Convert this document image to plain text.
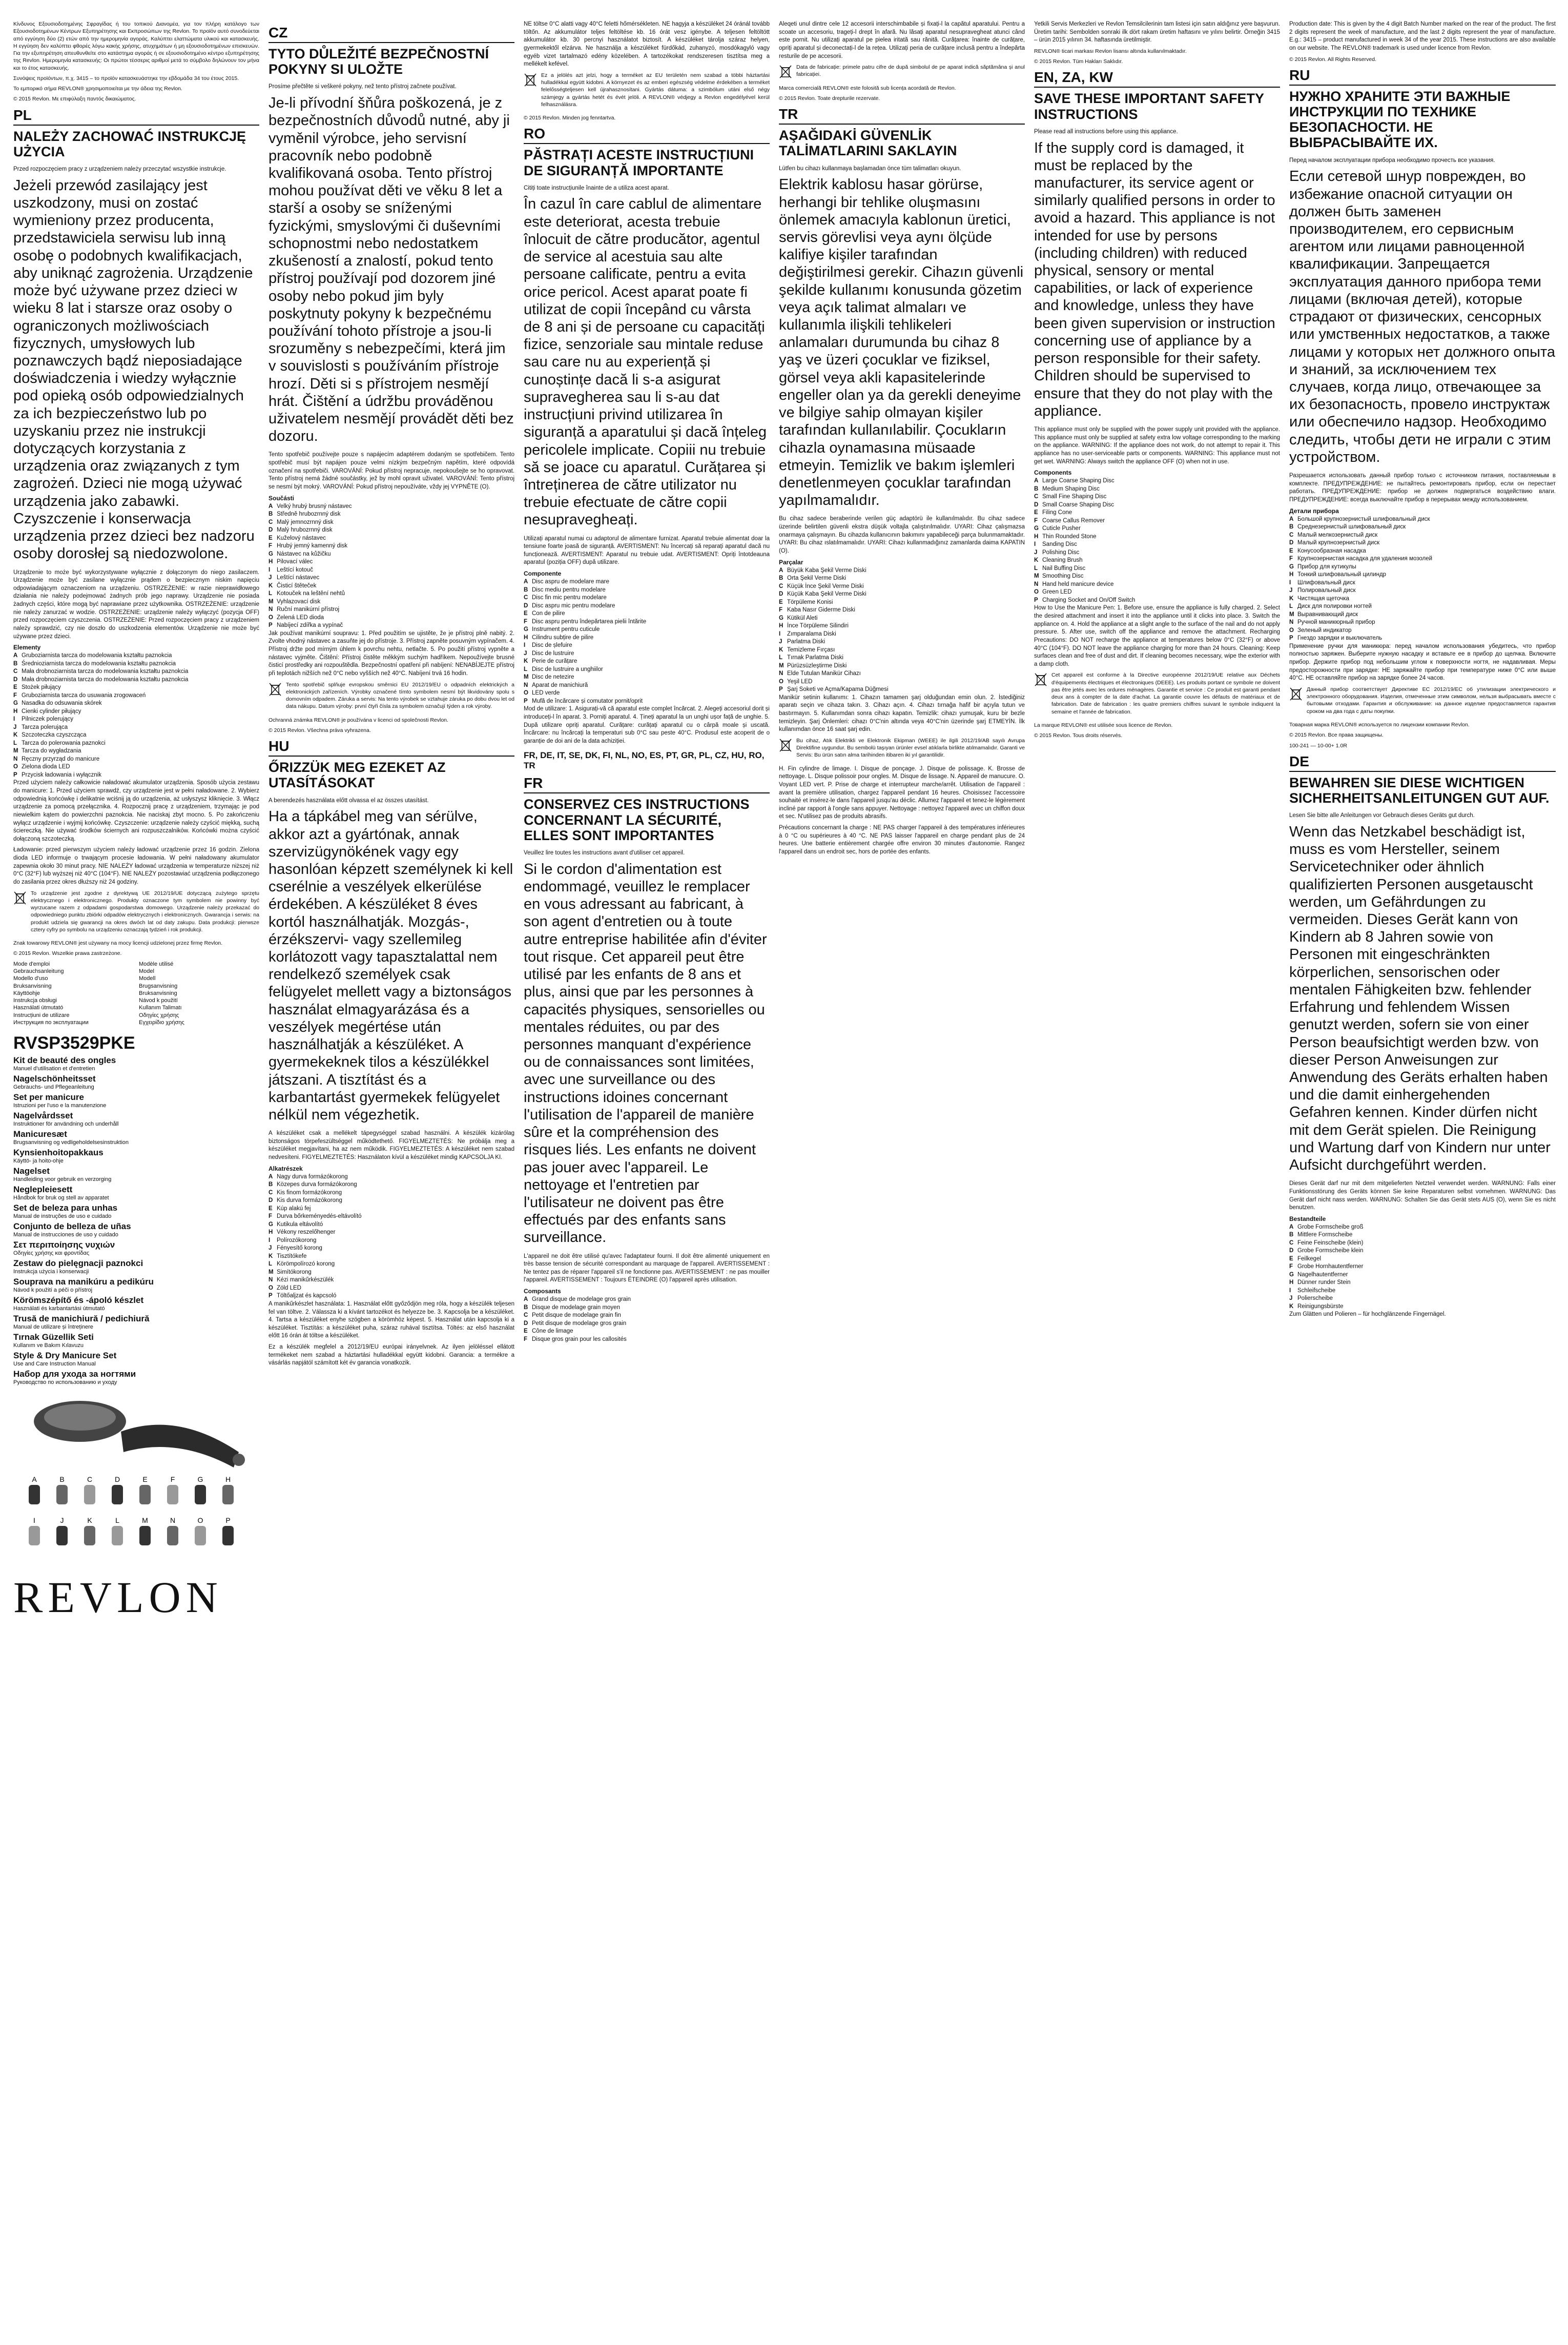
Κίνδυνος Εξουσιοδοτημένης Σφραγίδας ή του τοπικού Διανομέα, για τον πλήρη κατάλογο των Εξουσιοδοτημένων Κέντρων Εξυπηρέτησης και Εκπροσώπων της Revlon. Το προϊόν αυτό συνοδεύεται από εγγύηση δύο (2) ετών από την ημερομηνία αγοράς. Καλύπτει ελαττώματα υλικού και κατασκευής. Η εγγύηση δεν καλύπτει φθορές λόγω κακής χρήσης, ατυχημάτων ή μη εξουσιοδοτημένων επισκευών. Για την εξυπηρέτηση απευθυνθείτε στο κατάστημα αγοράς ή σε εξουσιοδοτημένο κέντρο εξυπηρέτησης της Revlon. Ημερομηνία κατασκευής: Οι πρώτοι τέσσερις αριθμοί μετά το σύμβολο δηλώνουν τον μήνα και το έτος κατασκευής.

Συνόψεις προϊόντων, π.χ. 3415 – το προϊόν κατασκευάστηκε την εβδομάδα 34 του έτους 2015.

Το εμπορικό σήμα REVLON® χρησιμοποιείται με την άδεια της Revlon.

© 2015 Revlon. Με επιφύλαξη παντός δικαιώματος.

PL
NALEŻY ZACHOWAĆ INSTRUKCJĘ UŻYCIA

Przed rozpoczęciem pracy z urządzeniem należy przeczytać wszystkie instrukcje.

Jeżeli przewód zasilający jest uszkodzony, musi on zostać wymieniony przez producenta, przedstawiciela serwisu lub inną osobę o podobnych kwalifikacjach, aby uniknąć zagrożenia. Urządzenie może być używane przez dzieci w wieku 8 lat i starsze oraz osoby o ograniczonych możliwościach fizycznych, umysłowych lub poznawczych bądź nieposiadające doświadczenia i wiedzy wyłącznie pod opieką osób odpowiedzialnych za ich bezpieczeństwo lub po uzyskaniu przez nie instrukcji dotyczących korzystania z urządzenia oraz związanych z tym zagrożeń. Dzieci nie mogą używać urządzenia jako zabawki. Czyszczenie i konserwacja urządzenia przez dzieci bez nadzoru osoby dorosłej są niedozwolone.

Urządzenie to może być wykorzystywane wyłącznie z dołączonym do niego zasilaczem. Urządzenie może być zasilane wyłącznie prądem o bezpiecznym niskim napięciu odpowiadającym oznaczeniom na urządzeniu. OSTRZEŻENIE: w razie nieprawidłowego działania nie należy podejmować żadnych prób jego naprawy. Urządzenie nie posiada żadnych części, które mogą być naprawiane przez użytkownika. OSTRZEŻENIE: urządzenie nie należy zanurzać w wodzie. OSTRZEŻENIE: urządzenie należy wyłączyć (pozycja OFF) przed rozpoczęciem czyszczenia. OSTRZEŻENIE: Przed rozpoczęciem pracy z urządzeniem należy sprawdzić, czy nie doszło do uszkodzenia elementów. Urządzenie nie może być używane przez dzieci.

Elementy
A Gruboziarnista tarcza do modelowania kształtu paznokcia
B Średnioziarnista tarcza do modelowania kształtu paznokcia
C Mała drobnoziarnista tarcza do modelowania kształtu paznokcia
D Mała drobnoziarnista tarcza do modelowania kształtu paznokcia
E Stożek piłujący
F Gruboziarnista tarcza do usuwania zrogowaceń
G Nasadka do odsuwania skórek
H Cienki cylinder piłujący
I Pilniczek polerujący
J Tarcza polerująca
K Szczoteczka czyszcząca
L Tarcza do polerowania paznokci
M Tarcza do wygładzania
N Ręczny przyrząd do manicure
O Zielona dioda LED
P Przycisk ładowania i wyłącznik

Przed użyciem należy całkowicie naładować akumulator urządzenia. Sposób użycia zestawu do manicure: 1. Przed użyciem sprawdź, czy urządzenie jest w pełni naładowane. 2. Wybierz odpowiednią końcówkę i delikatnie wciśnij ją do urządzenia, aż usłyszysz kliknięcie. 3. Włącz urządzenie za pomocą przełącznika. 4. Rozpocznij pracę z urządzeniem, trzymając je pod niewielkim kątem do powierzchni paznokcia. Nie naciskaj zbyt mocno. 5. Po zakończeniu wyłącz urządzenie i wyjmij końcówkę. Czyszczenie: urządzenie należy czyścić miękką, suchą ściereczką. Nie używać środków ściernych ani rozpuszczalników. Końcówki można czyścić dołączoną szczoteczką.

Ładowanie: przed pierwszym użyciem należy ładować urządzenie przez 16 godzin. Zielona dioda LED informuje o trwającym procesie ładowania. W pełni naładowany akumulator zapewnia około 30 minut pracy. NIE NALEŻY ładować urządzenia w temperaturze niższej niż 0°C (32°F) lub wyższej niż 40°C (104°F). NIE NALEŻY pozostawiać urządzenia podłączonego do zasilania przez okres dłuższy niż 24 godziny.

To urządzenie jest zgodne z dyrektywą UE 2012/19/UE dotyczącą zużytego sprzętu elektrycznego i elektronicznego. Produkty oznaczone tym symbolem nie powinny być wyrzucane razem z odpadami gospodarstwa domowego. Urządzenie należy przekazać do odpowiedniego punktu zbiórki odpadów elektrycznych i elektronicznych. Gwarancja i serwis: na produkt udziela się gwarancji na okres dwóch lat od daty zakupu. Data produkcji: pierwsze cztery cyfry po symbolu na urządzeniu oznaczają tydzień i rok produkcji.

Znak towarowy REVLON® jest używany na mocy licencji udzielonej przez firmę Revlon.

© 2015 Revlon. Wszelkie prawa zastrzeżone.

Mode d'emploi	Modèle utilisé
Gebrauchsanleitung	Model
Modello d'uso	Modell
Bruksanvisning	Brugsanvisning
Käyttöohje	Bruksanvisning
Instrukcja obsługi	Návod k použití
Használati útmutató	Kullanım Talimatı
Instrucțiuni de utilizare	Οδηγίες χρήσης
Инструкция по эксплуатации	Εγχειρίδιο χρήσης
RVSP3529PKE
Kit de beauté des ongles
Manuel d'utilisation et d'entretien
Nagelschönheitsset
Gebrauchs- und Pflegeanleitung
Set per manicure
Istruzioni per l'uso e la manutenzione
Nagelvårdsset
Instruktioner för användning och underhåll
Manicuresæt
Brugsanvisning og vedligeholdelsesinstruktion
Kynsienhoitopakkaus
Käyttö- ja hoito-ohje
Nagelset
Handleiding voor gebruik en verzorging
Neglepleiesett
Håndbok for bruk og stell av apparatet
Set de beleza para unhas
Manual de instruções de uso e cuidado
Conjunto de belleza de uñas
Manual de instrucciones de uso y cuidado
Σετ περιποίησης νυχιών
Οδηγίες χρήσης και φροντίδας
Zestaw do pielęgnacji paznokci
Instrukcja użycia i konserwacji
Souprava na manikúru a pedikúru
Návod k použití a péči o přístroj
Körömszépítő és -ápoló készlet
Használati és karbantartási útmutató
Trusă de manichiură / pedichiură
Manual de utilizare și întreținere
Tırnak Güzellik Seti
Kullanım ve Bakım Kılavuzu
Style & Dry Manicure Set
Use and Care Instruction Manual
Набор для ухода за ногтями
Руководство по использованию и уходу
A	B	C	D	E	F	G	H
I	J	K	L	M	N	O	P
REVLON
CZ
TYTO DŮLEŽITÉ BEZPEČNOSTNÍ POKYNY SI ULOŽTE

Prosíme přečtěte si veškeré pokyny, než tento přístroj začnete používat.

Je-li přívodní šňůra poškozená, je z bezpečnostních důvodů nutné, aby ji vyměnil výrobce, jeho servisní pracovník nebo podobně kvalifikovaná osoba. Tento přístroj mohou používat děti ve věku 8 let a starší a osoby se sníženými fyzickými, smyslovými či duševními schopnostmi nebo nedostatkem zkušeností a znalostí, pokud tento přístroj používají pod dozorem jiné osoby nebo pokud jim byly poskytnuty pokyny k bezpečnému používání tohoto přístroje a jsou-li srozuměny s nebezpečími, která jim v souvislosti s používáním přístroje hrozí. Děti si s přístrojem nesmějí hrát. Čištění a údržbu prováděnou uživatelem nesmějí provádět děti bez dozoru.

Tento spotřebič používejte pouze s napájecím adaptérem dodaným se spotřebičem. Tento spotřebič musí být napájen pouze velmi nízkým bezpečným napětím, které odpovídá označení na spotřebiči. VAROVÁNÍ: Pokud přístroj nepracuje, nepokoušejte se ho opravovat. Tento přístroj nemá žádné součástky, jež by mohl opravit uživatel. VAROVÁNÍ: Tento přístroj se nesmí být mokrý. VAROVÁNÍ: Pokud přístroj nepoužíváte, vždy jej VYPNĚTE (O).

Součásti
A Velký hrubý brusný nástavec
B Středně hrubozrnný disk
C Malý jemnozrnný disk
D Malý hrubozrnný disk
E Kuželový nástavec
F Hrubý jemný kamenný disk
G Nástavec na kůžičku
H Pilovací válec
I Leštící kotouč
J Leštící nástavec
K Čisticí štěteček
L Kotouček na leštění nehtů
M Vyhlazovací disk
N Ruční manikúrní přístroj
O Zelená LED dioda
P Nabíjecí zdířka a vypínač

Jak používat manikúrní soupravu: 1. Před použitím se ujistěte, že je přístroj plně nabitý. 2. Zvolte vhodný nástavec a zasuňte jej do přístroje. 3. Přístroj zapněte posuvným vypínačem. 4. Přístroj držte pod mírným úhlem k povrchu nehtu, netlačte. 5. Po použití přístroj vypněte a nástavec vyjměte. Čištění: Přístroj čistěte měkkým suchým hadříkem. Nepoužívejte brusné čisticí prostředky ani rozpouštědla. Bezpečnostní opatření při nabíjení: NENABÍJEJTE přístroj při teplotách nižších než 0°C nebo vyšších než 40°C. Nabíjení trvá 16 hodin.

Tento spotřebič splňuje evropskou směrnici EU 2012/19/EU o odpadních elektrických a elektronických zařízeních. Výrobky označené tímto symbolem nesmí být likvidovány spolu s domovním odpadem. Záruka a servis: Na tento výrobek se vztahuje záruka po dobu dvou let od data nákupu. Datum výroby: první čtyři čísla za symbolem označují týden a rok výroby.

Ochranná známka REVLON® je používána v licenci od společnosti Revlon.

© 2015 Revlon. Všechna práva vyhrazena.

HU
ŐRIZZÜK MEG EZEKET AZ UTASÍTÁSOKAT

A berendezés használata előtt olvassa el az összes utasítást.

Ha a tápkábel meg van sérülve, akkor azt a gyártónak, annak szervizügynökének vagy egy hasonlóan képzett személynek ki kell cserélnie a veszélyek elkerülése érdekében. A készüléket 8 éves kortól használhatják. Mozgás-, érzékszervi- vagy szellemileg korlátozott vagy tapasztalattal nem rendelkező személyek csak felügyelet mellett vagy a biztonságos használat elmagyarázása és a veszélyek megértése után használhatják a készüléket. A gyermekeknek tilos a készülékkel játszani. A tisztítást és a karbantartást gyermekek felügyelet nélkül nem végezhetik.

A készüléket csak a mellékelt tápegységgel szabad használni. A készülék kizárólag biztonságos törpefeszültséggel működtethető. FIGYELMEZTETÉS: Ne próbálja meg a készüléket megjavítani, ha az nem működik. FIGYELMEZTETÉS: A készüléket nem szabad nedvesíteni. FIGYELMEZTETÉS: Használaton kívül a készüléket mindig KAPCSOLJA KI.

Alkatrészek
A Nagy durva formázókorong
B Közepes durva formázókorong
C Kis finom formázókorong
D Kis durva formázókorong
E Kúp alakú fej
F Durva bőrkeményedés-eltávolító
G Kutikula eltávolító
H Vékony reszelőhenger
I Polírozókorong
J Fényesítő korong
K Tisztítókefe
L Körömpolírozó korong
M Simítókorong
N Kézi manikűrkészülék
O Zöld LED
P Töltőaljzat és kapcsoló

A manikűrkészlet használata: 1. Használat előtt győződjön meg róla, hogy a készülék teljesen fel van töltve. 2. Válassza ki a kívánt tartozékot és helyezze be. 3. Kapcsolja be a készüléket. 4. Tartsa a készüléket enyhe szögben a körömhöz képest. 5. Használat után kapcsolja ki a készüléket. Tisztítás: a készüléket puha, száraz ruhával tisztítsa. Töltés: az első használat előtt 16 órán át töltse a készüléket.

Ez a készülék megfelel a 2012/19/EU európai irányelvnek. Az ilyen jelöléssel ellátott termékeket nem szabad a háztartási hulladékkal együtt kidobni. Garancia: a termékre a vásárlás napjától számított két év garancia vonatkozik.

NE töltse 0°C alatti vagy 40°C feletti hőmérsékleten. NE hagyja a készüléket 24 óránál tovább töltőn. Az akkumulátor teljes feltöltése kb. 16 órát vesz igénybe. A teljesen feltöltött akkumulátor kb. 30 percnyi használatot biztosít. A készüléket tárolja száraz helyen, gyermekektől elzárva. Ne használja a készüléket fürdőkád, zuhanyzó, mosdókagyló vagy egyéb vizet tartalmazó edény közelében. A tartozékokat rendszeresen tisztítsa meg a mellékelt kefével.

Ez a jelölés azt jelzi, hogy a terméket az EU területén nem szabad a többi háztartási hulladékkal együtt kidobni. A környezet és az emberi egészség védelme érdekében a terméket felelősségteljesen kell újrahasznosítani. Gyártás dátuma: a szimbólum utáni első négy számjegy a gyártás hetét és évét jelöli. A REVLON® védjegy a Revlon engedélyével kerül felhasználásra.

© 2015 Revlon. Minden jog fenntartva.

RO
PĂSTRAȚI ACESTE INSTRUCȚIUNI DE SIGURANȚĂ IMPORTANTE

Citiți toate instrucțiunile înainte de a utiliza acest aparat.

În cazul în care cablul de alimentare este deteriorat, acesta trebuie înlocuit de către producător, agentul de service al acestuia sau alte persoane calificate, pentru a evita orice pericol. Acest aparat poate fi utilizat de copii începând cu vârsta de 8 ani și de persoane cu capacități fizice, senzoriale sau mintale reduse sau care nu au experiență și cunoștințe dacă li s-a asigurat supravegherea sau li s-au dat instrucțiuni privind utilizarea în siguranță a aparatului și dacă înțeleg pericolele implicate. Copiii nu trebuie să se joace cu aparatul. Curățarea și întreținerea de către utilizator nu trebuie efectuate de către copii nesupravegheați.

Utilizați aparatul numai cu adaptorul de alimentare furnizat. Aparatul trebuie alimentat doar la tensiune foarte joasă de siguranță. AVERTISMENT: Nu încercați să reparați aparatul dacă nu funcționează. AVERTISMENT: Aparatul nu trebuie udat. AVERTISMENT: Opriți întotdeauna aparatul (poziția OFF) după utilizare.

Componente
A Disc aspru de modelare mare
B Disc mediu pentru modelare
C Disc fin mic pentru modelare
D Disc aspru mic pentru modelare
E Con de pilire
F Disc aspru pentru îndepărtarea pielii întărite
G Instrument pentru cuticule
H Cilindru subțire de pilire
I Disc de șlefuire
J Disc de lustruire
K Perie de curățare
L Disc de lustruire a unghiilor
M Disc de netezire
N Aparat de manichiură
O LED verde
P Mufă de încărcare și comutator pornit/oprit

Mod de utilizare: 1. Asigurați-vă că aparatul este complet încărcat. 2. Alegeți accesoriul dorit și introduceți-l în aparat. 3. Porniți aparatul. 4. Țineți aparatul la un unghi ușor față de unghie. 5. După utilizare opriți aparatul. Curățare: curățați aparatul cu o cârpă moale și uscată. Încărcare: nu încărcați la temperaturi sub 0°C sau peste 40°C. Produsul este acoperit de o garanție de doi ani de la data achiziției.

FR, DE, IT, SE, DK, FI, NL, NO, ES, PT, GR, PL, CZ, HU, RO, TR
FR
CONSERVEZ CES INSTRUCTIONS CONCERNANT LA SÉCURITÉ, ELLES SONT IMPORTANTES

Veuillez lire toutes les instructions avant d'utiliser cet appareil.

Si le cordon d'alimentation est endommagé, veuillez le remplacer en vous adressant au fabricant, à son agent d'entretien ou à toute autre entreprise habilitée afin d'éviter tout risque. Cet appareil peut être utilisé par les enfants de 8 ans et plus, ainsi que par les personnes à capacités physiques, sensorielles ou mentales réduites, ou par des personnes manquant d'expérience ou de connaissances sont limitées, avec une surveillance ou des instructions idoines concernant l'utilisation de l'appareil de manière sûre et la compréhension des risques liés. Les enfants ne doivent pas jouer avec l'appareil. Le nettoyage et l'entretien par l'utilisateur ne doivent pas être effectués par des enfants sans surveillance.

L'appareil ne doit être utilisé qu'avec l'adaptateur fourni. Il doit être alimenté uniquement en très basse tension de sécurité correspondant au marquage de l'appareil. AVERTISSEMENT : Ne tentez pas de réparer l'appareil s'il ne fonctionne pas. AVERTISSEMENT : ne pas mouiller l'appareil. AVERTISSEMENT : Toujours ÉTEINDRE (O) l'appareil après utilisation.

Composants
A Grand disque de modelage gros grain
B Disque de modelage grain moyen
C Petit disque de modelage grain fin
D Petit disque de modelage gros grain
E Cône de limage
F Disque gros grain pour les callosités

Aleqeti unul dintre cele 12 accesorii interschimbabile și fixați-l la capătul aparatului. Pentru a scoate un accesoriu, trageți-l drept în afară. Nu lăsați aparatul nesupravegheat atunci când este pornit. Nu utilizați aparatul pe pielea iritată sau rănită. Curățarea: înainte de curățare, opriți aparatul și deconectați-l de la rețea. Utilizați peria de curățare inclusă pentru a îndepărta resturile de pe accesorii.

Data de fabricație: primele patru cifre de după simbolul de pe aparat indică săptămâna și anul fabricației.

Marca comercială REVLON® este folosită sub licența acordată de Revlon.

© 2015 Revlon. Toate drepturile rezervate.

TR
AŞAĞIDAKİ GÜVENLİK TALİMATLARINI SAKLAYIN

Lütfen bu cihazı kullanmaya başlamadan önce tüm talimatları okuyun.

Elektrik kablosu hasar görürse, herhangi bir tehlike oluşmasını önlemek amacıyla kablonun üretici, servis görevlisi veya aynı ölçüde kalifiye kişiler tarafından değiştirilmesi gerekir. Cihazın güvenli şekilde kullanımı konusunda gözetim veya açık talimat almaları ve kullanımla ilişkili tehlikeleri anlamaları durumunda bu cihaz 8 yaş ve üzeri çocuklar ve fiziksel, görsel veya akli kapasitelerinde engeller olan ya da gerekli deneyime ve bilgiye sahip olmayan kişiler tarafından kullanılabilir. Çocukların cihazla oynamasına müsaade etmeyin. Temizlik ve bakım işlemleri denetlenmeyen çocuklar tarafından yapılmamalıdır.

Bu cihaz sadece beraberinde verilen güç adaptörü ile kullanılmalıdır. Bu cihaz sadece üzerinde belirtilen güvenli ekstra düşük voltajla çalıştırılmalıdır. UYARI: Cihaz çalışmazsa onarmaya çalışmayın. Bu cihazda kullanıcının bakımını yapabileceği parça bulunmamaktadır. UYARI: Bu cihaz ıslatılmamalıdır. UYARI: Cihazı kullanmadığınız zamanlarda daima KAPATIN (O).

Parçalar
A Büyük Kaba Şekil Verme Diski
B Orta Şekil Verme Diski
C Küçük İnce Şekil Verme Diski
D Küçük Kaba Şekil Verme Diski
E Törpüleme Konisi
F Kaba Nasır Giderme Diski
G Kütikül Aleti
H İnce Törpüleme Silindiri
I Zımparalama Diski
J Parlatma Diski
K Temizleme Fırçası
L Tırnak Parlatma Diski
M Pürüzsüzleştirme Diski
N Elde Tutulan Manikür Cihazı
O Yeşil LED
P Şarj Soketi ve Açma/Kapama Düğmesi

Manikür setinin kullanımı: 1. Cihazın tamamen şarj olduğundan emin olun. 2. İstediğiniz aparatı seçin ve cihaza takın. 3. Cihazı açın. 4. Cihazı tırnağa hafif bir açıyla tutun ve bastırmayın. 5. Kullanımdan sonra cihazı kapatın. Temizlik: cihazı yumuşak, kuru bir bezle temizleyin. Şarj Önlemleri: cihazı 0°C'nin altında veya 40°C'nin üzerinde şarj ETMEYİN. İlk kullanımdan önce 16 saat şarj edin.

Bu cihaz, Atık Elektrikli ve Elektronik Ekipman (WEEE) ile ilgili 2012/19/AB sayılı Avrupa Direktifine uygundur. Bu sembolü taşıyan ürünler evsel atıklarla birlikte atılmamalıdır. Garanti ve Servis: Bu ürün satın alma tarihinden itibaren iki yıl garantilidir.

H. Fin cylindre de limage. I. Disque de ponçage. J. Disque de polissage. K. Brosse de nettoyage. L. Disque polissoir pour ongles. M. Disque de lissage. N. Appareil de manucure. O. Voyant LED vert. P. Prise de charge et interrupteur marche/arrêt. Utilisation de l'appareil : avant la première utilisation, chargez l'appareil pendant 16 heures. Choisissez l'accessoire souhaité et insérez-le dans l'appareil jusqu'au déclic. Allumez l'appareil et tenez-le légèrement incliné par rapport à l'ongle sans appuyer. Nettoyage : nettoyez l'appareil avec un chiffon doux et sec. N'utilisez pas de produits abrasifs.

Précautions concernant la charge : NE PAS charger l'appareil à des températures inférieures à 0 °C ou supérieures à 40 °C. NE PAS laisser l'appareil en charge pendant plus de 24 heures. Une batterie entièrement chargée offre environ 30 minutes d'autonomie. Rangez l'appareil dans un endroit sec, hors de portée des enfants.

Yetkili Servis Merkezleri ve Revlon Temsilcilerinin tam listesi için satın aldığınız yere başvurun. Üretim tarihi: Sembolden sonraki ilk dört rakam üretim haftasını ve yılını belirtir. Örneğin 3415 – ürün 2015 yılının 34. haftasında üretilmiştir.

REVLON® ticari markası Revlon lisansı altında kullanılmaktadır.

© 2015 Revlon. Tüm Hakları Saklıdır.

EN, ZA, KW
SAVE THESE IMPORTANT SAFETY INSTRUCTIONS

Please read all instructions before using this appliance.

If the supply cord is damaged, it must be replaced by the manufacturer, its service agent or similarly qualified persons in order to avoid a hazard. This appliance is not intended for use by persons (including children) with reduced physical, sensory or mental capabilities, or lack of experience and knowledge, unless they have been given supervision or instruction concerning use of appliance by a person responsible for their safety. Children should be supervised to ensure that they do not play with the appliance.

This appliance must only be supplied with the power supply unit provided with the appliance. This appliance must only be supplied at safety extra low voltage corresponding to the marking on the appliance. WARNING: If the appliance does not work, do not attempt to repair it. This appliance has no user-serviceable parts or components. WARNING: This appliance must not get wet. WARNING: Always switch the appliance OFF (O) when not in use.

Components
A Large Coarse Shaping Disc
B Medium Shaping Disc
C Small Fine Shaping Disc
D Small Coarse Shaping Disc
E Filing Cone
F Coarse Callus Remover
G Cuticle Pusher
H Thin Rounded Stone
I Sanding Disc
J Polishing Disc
K Cleaning Brush
L Nail Buffing Disc
M Smoothing Disc
N Hand held manicure device
O Green LED
P Charging Socket and On/Off Switch

How to Use the Manicure Pen: 1. Before use, ensure the appliance is fully charged. 2. Select the desired attachment and insert it into the appliance until it clicks into place. 3. Switch the appliance on. 4. Hold the appliance at a slight angle to the surface of the nail and do not apply pressure. 5. After use, switch off the appliance and remove the attachment. Recharging Precautions: DO NOT recharge the appliance at temperatures below 0°C (32°F) or above 40°C (104°F). DO NOT leave the appliance charging for more than 24 hours. Cleaning: Keep surfaces clean and free of dust and dirt. If cleaning becomes necessary, wipe the exterior with a damp cloth.

Cet appareil est conforme à la Directive européenne 2012/19/UE relative aux Déchets d'équipements électriques et électroniques (DEEE). Les produits portant ce symbole ne doivent pas être jetés avec les ordures ménagères. Garantie et service : Ce produit est garanti pendant deux ans à compter de la date d'achat. La garantie couvre les défauts de matériaux et de fabrication. Date de fabrication : les quatre premiers chiffres suivant le symbole indiquent la semaine et l'année de fabrication.

La marque REVLON® est utilisée sous licence de Revlon.

© 2015 Revlon. Tous droits réservés.

Production date: This is given by the 4 digit Batch Number marked on the rear of the product. The first 2 digits represent the week of manufacture, and the last 2 digits represent the year of manufacture. E.g.: 3415 – product manufactured in week 34 of the year 2015. These instructions are also available on our website. The REVLON® trademark is used under licence from Revlon.

© 2015 Revlon. All Rights Reserved.

RU
НУЖНО ХРАНИТЕ ЭТИ ВАЖНЫЕ ИНСТРУКЦИИ ПО ТЕХНИКЕ БЕЗОПАСНОСТИ. НЕ ВЫБРАСЫВАЙТЕ ИХ.

Перед началом эксплуатации прибора необходимо прочесть все указания.

Если сетевой шнур поврежден, во избежание опасной ситуации он должен быть заменен производителем, его сервисным агентом или лицами равноценной квалификации. Запрещается эксплуатация данного прибора теми лицами (включая детей), которые страдают от физических, сенсорных или умственных недостатков, а также лицами у которых нет должного опыта и знаний, за исключением тех случаев, когда лицо, отвечающее за их безопасность, провело инструктаж или обеспечило надзор. Необходимо следить, чтобы дети не играли с этим устройством.

Разрешается использовать данный прибор только с источником питания, поставляемым в комплекте. ПРЕДУПРЕЖДЕНИЕ: не пытайтесь ремонтировать прибор, если он перестает работать. ПРЕДУПРЕЖДЕНИЕ: прибор не должен подвергаться воздействию влаги. ПРЕДУПРЕЖДЕНИЕ: всегда выключайте прибор в перерывах между использованием.

Детали прибора
A Большой крупнозернистый шлифовальный диск
B Среднезернистый шлифовальный диск
C Малый мелкозернистый диск
D Малый крупнозернистый диск
E Конусообразная насадка
F Крупнозернистая насадка для удаления мозолей
G Прибор для кутикулы
H Тонкий шлифовальный цилиндр
I Шлифовальный диск
J Полировальный диск
K Чистящая щеточка
L Диск для полировки ногтей
M Выравнивающий диск
N Ручной маникюрный прибор
O Зеленый индикатор
P Гнездо зарядки и выключатель

Применение ручки для маникюра: перед началом использования убедитесь, что прибор полностью заряжен. Выберите нужную насадку и вставьте ее в прибор до щелчка. Включите прибор. Держите прибор под небольшим углом к поверхности ногтя, не надавливая. Меры предосторожности при зарядке: НЕ заряжайте прибор при температуре ниже 0°C или выше 40°C. НЕ оставляйте прибор на зарядке более 24 часов.

Данный прибор соответствует Директиве ЕС 2012/19/ЕС об утилизации электрического и электронного оборудования. Изделия, отмеченные этим символом, нельзя выбрасывать вместе с бытовыми отходами. Гарантия и обслуживание: на данное изделие предоставляется гарантия сроком на два года с даты покупки.

Товарная марка REVLON® используется по лицензии компании Revlon.

© 2015 Revlon. Все права защищены.

100-241 — 10-00+ 1.0R

DE
BEWAHREN SIE DIESE WICHTIGEN SICHERHEITSANLEITUNGEN GUT AUF.

Lesen Sie bitte alle Anleitungen vor Gebrauch dieses Geräts gut durch.

Wenn das Netzkabel beschädigt ist, muss es vom Hersteller, seinem Servicetechniker oder ähnlich qualifizierten Personen ausgetauscht werden, um Gefährdungen zu vermeiden. Dieses Gerät kann von Kindern ab 8 Jahren sowie von Personen mit eingeschränkten körperlichen, sensorischen oder mentalen Fähigkeiten bzw. fehlender Erfahrung und fehlendem Wissen genutzt werden, sofern sie von einer Person beaufsichtigt werden bzw. von dieser Person Anweisungen zur Anwendung des Geräts erhalten haben und die damit einhergehenden Gefahren kennen. Kinder dürfen nicht mit dem Gerät spielen. Die Reinigung und Wartung darf von Kindern nur unter Aufsicht durchgeführt werden.

Dieses Gerät darf nur mit dem mitgelieferten Netzteil verwendet werden. WARNUNG: Falls einer Funktionsstörung des Geräts können Sie keine Reparaturen selbst vornehmen. WARNUNG: Das Gerät darf nicht nass werden. WARNUNG: Schalten Sie das Gerät stets AUS (O), wenn Sie es nicht benutzen.

Bestandteile
A Grobe Formscheibe groß
B Mittlere Formscheibe
C Feine Feinscheibe (klein)
D Grobe Formscheibe klein
E Feilkegel
F Grobe Hornhautentferner
G Nagelhautentferner
H Dünner runder Stein
I Schleifscheibe
J Polierscheibe
K Reinigungsbürste

Zum Glätten und Polieren – für hochglänzende Fingernägel.
